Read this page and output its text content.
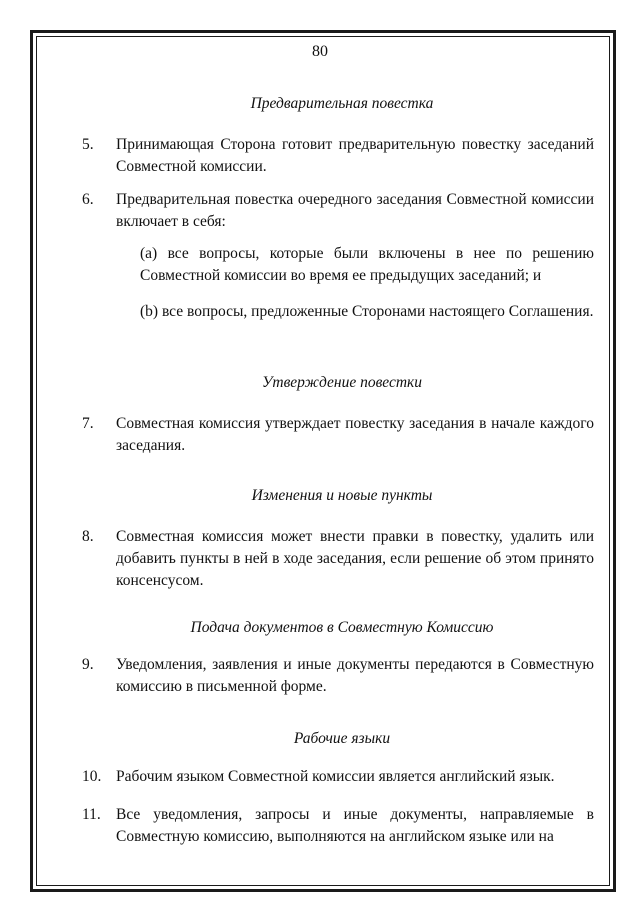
80
Предварительная повестка
5.	Принимающая Сторона готовит предварительную повестку заседаний Совместной комиссии.
6.	Предварительная повестка очередного заседания Совместной комиссии включает в себя:
(a) все вопросы, которые были включены в нее по решению Совместной комиссии во время ее предыдущих заседаний; и
(b) все вопросы, предложенные Сторонами настоящего Соглашения.
Утверждение повестки
7.	Совместная комиссия утверждает повестку заседания в начале каждого заседания.
Изменения и новые пункты
8.	Совместная комиссия может внести правки в повестку, удалить или добавить пункты в ней в ходе заседания, если решение об этом принято консенсусом.
Подача документов в Совместную Комиссию
9.	Уведомления, заявления и иные документы передаются в Совместную комиссию в письменной форме.
Рабочие языки
10. Рабочим языком Совместной комиссии является английский язык.
11. Все уведомления, запросы и иные документы, направляемые в Совместную комиссию, выполняются на английском языке или на
